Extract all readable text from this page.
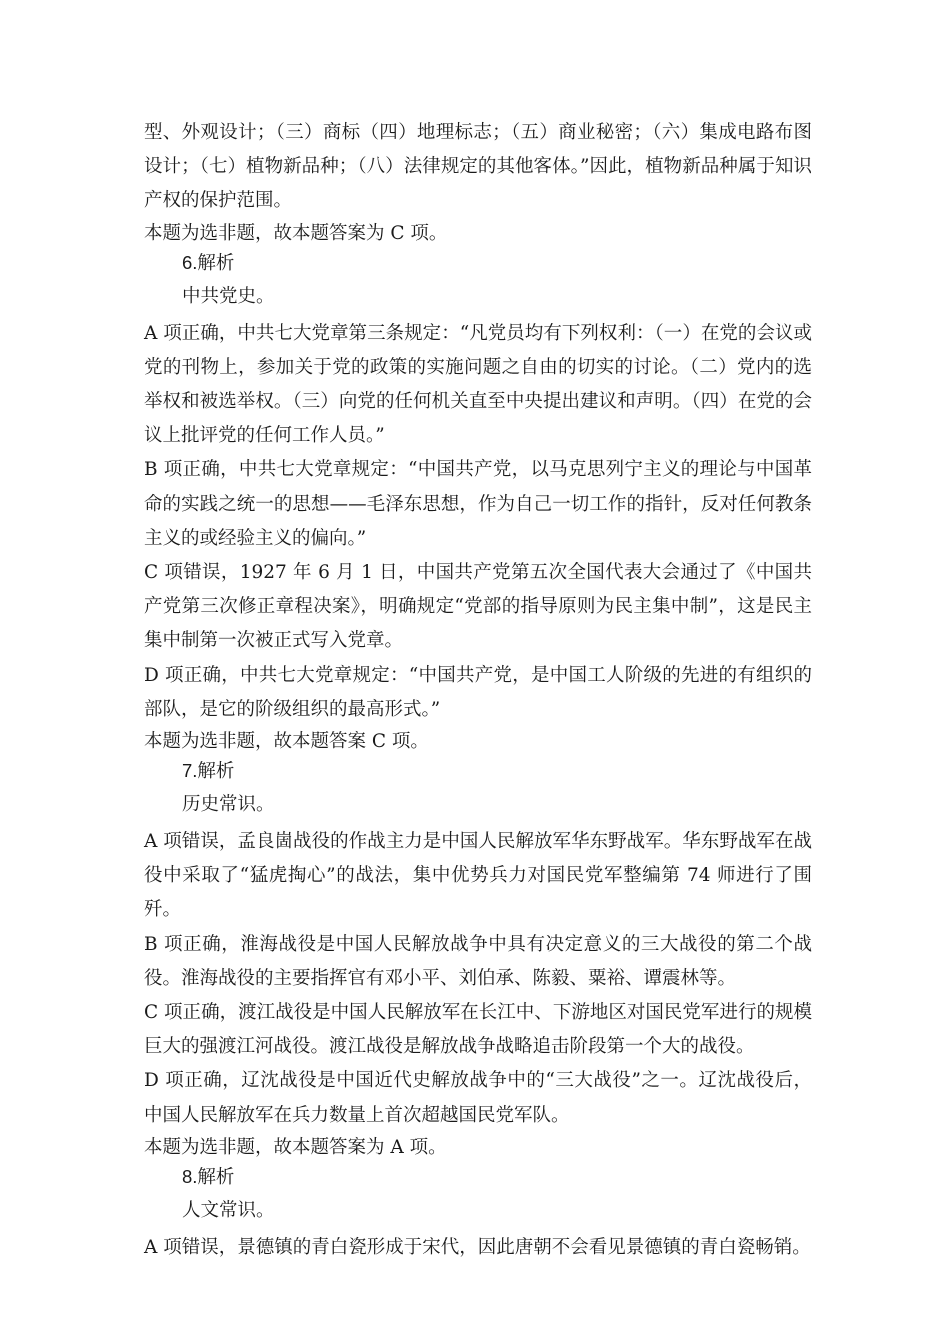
型、外观设计；（三）商标（四）地理标志；（五）商业秘密；（六）集成电路布图设计；（七）植物新品种；（八）法律规定的其他客体。”因此，植物新品种属于知识产权的保护范围。

本题为选非题，故本题答案为 C 项。

6.解析

中共党史。

A 项正确，中共七大党章第三条规定：“凡党员均有下列权利：（一）在党的会议或党的刊物上，参加关于党的政策的实施问题之自由的切实的讨论。（二）党内的选举权和被选举权。（三）向党的任何机关直至中央提出建议和声明。（四）在党的会议上批评党的任何工作人员。”

B 项正确，中共七大党章规定：“中国共产党，以马克思列宁主义的理论与中国革命的实践之统一的思想——毛泽东思想，作为自己一切工作的指针，反对任何教条主义的或经验主义的偏向。”

C 项错误，1927 年 6 月 1 日，中国共产党第五次全国代表大会通过了《中国共产党第三次修正章程决案》，明确规定“党部的指导原则为民主集中制”，这是民主集中制第一次被正式写入党章。

D 项正确，中共七大党章规定：“中国共产党，是中国工人阶级的先进的有组织的部队，是它的阶级组织的最高形式。”

本题为选非题，故本题答案 C 项。

7.解析

历史常识。

A 项错误，孟良崮战役的作战主力是中国人民解放军华东野战军。华东野战军在战役中采取了“猛虎掏心”的战法，集中优势兵力对国民党军整编第 74 师进行了围歼。

B 项正确，淮海战役是中国人民解放战争中具有决定意义的三大战役的第二个战役。淮海战役的主要指挥官有邓小平、刘伯承、陈毅、粟裕、谭震林等。

C 项正确，渡江战役是中国人民解放军在长江中、下游地区对国民党军进行的规模巨大的强渡江河战役。渡江战役是解放战争战略追击阶段第一个大的战役。

D 项正确，辽沈战役是中国近代史解放战争中的“三大战役”之一。辽沈战役后，中国人民解放军在兵力数量上首次超越国民党军队。

本题为选非题，故本题答案为 A 项。

8.解析

人文常识。

A 项错误，景德镇的青白瓷形成于宋代，因此唐朝不会看见景德镇的青白瓷畅销。
